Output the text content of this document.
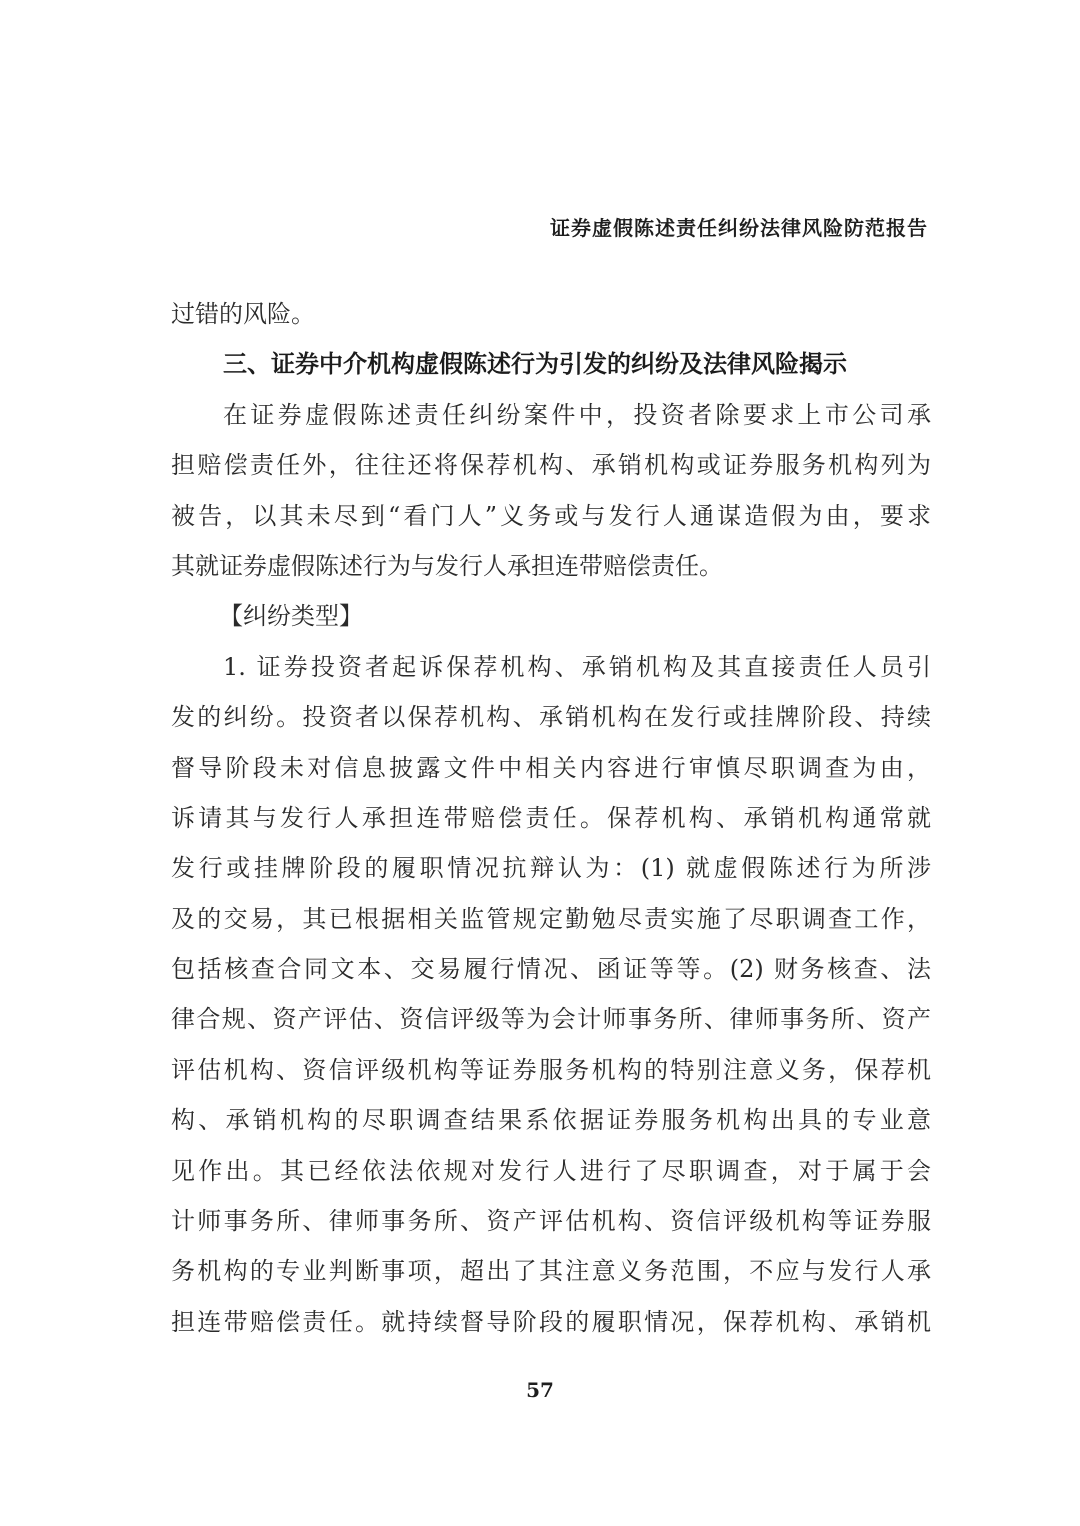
证券虚假陈述责任纠纷法律风险防范报告
过错的风险。
三、证券中介机构虚假陈述行为引发的纠纷及法律风险揭示
在证券虚假陈述责任纠纷案件中，投资者除要求上市公司承
担赔偿责任外，往往还将保荐机构、承销机构或证券服务机构列为
被告，以其未尽到“看门人”义务或与发行人通谋造假为由，要求
其就证券虚假陈述行为与发行人承担连带赔偿责任。
【纠纷类型】
1. 证券投资者起诉保荐机构、承销机构及其直接责任人员引
发的纠纷。投资者以保荐机构、承销机构在发行或挂牌阶段、持续
督导阶段未对信息披露文件中相关内容进行审慎尽职调查为由，
诉请其与发行人承担连带赔偿责任。保荐机构、承销机构通常就
发行或挂牌阶段的履职情况抗辩认为：(1) 就虚假陈述行为所涉
及的交易，其已根据相关监管规定勤勉尽责实施了尽职调查工作，
包括核查合同文本、交易履行情况、函证等等。(2) 财务核查、法
律合规、资产评估、资信评级等为会计师事务所、律师事务所、资产
评估机构、资信评级机构等证券服务机构的特别注意义务，保荐机
构、承销机构的尽职调查结果系依据证券服务机构出具的专业意
见作出。其已经依法依规对发行人进行了尽职调查，对于属于会
计师事务所、律师事务所、资产评估机构、资信评级机构等证券服
务机构的专业判断事项，超出了其注意义务范围，不应与发行人承
担连带赔偿责任。就持续督导阶段的履职情况，保荐机构、承销机
57
